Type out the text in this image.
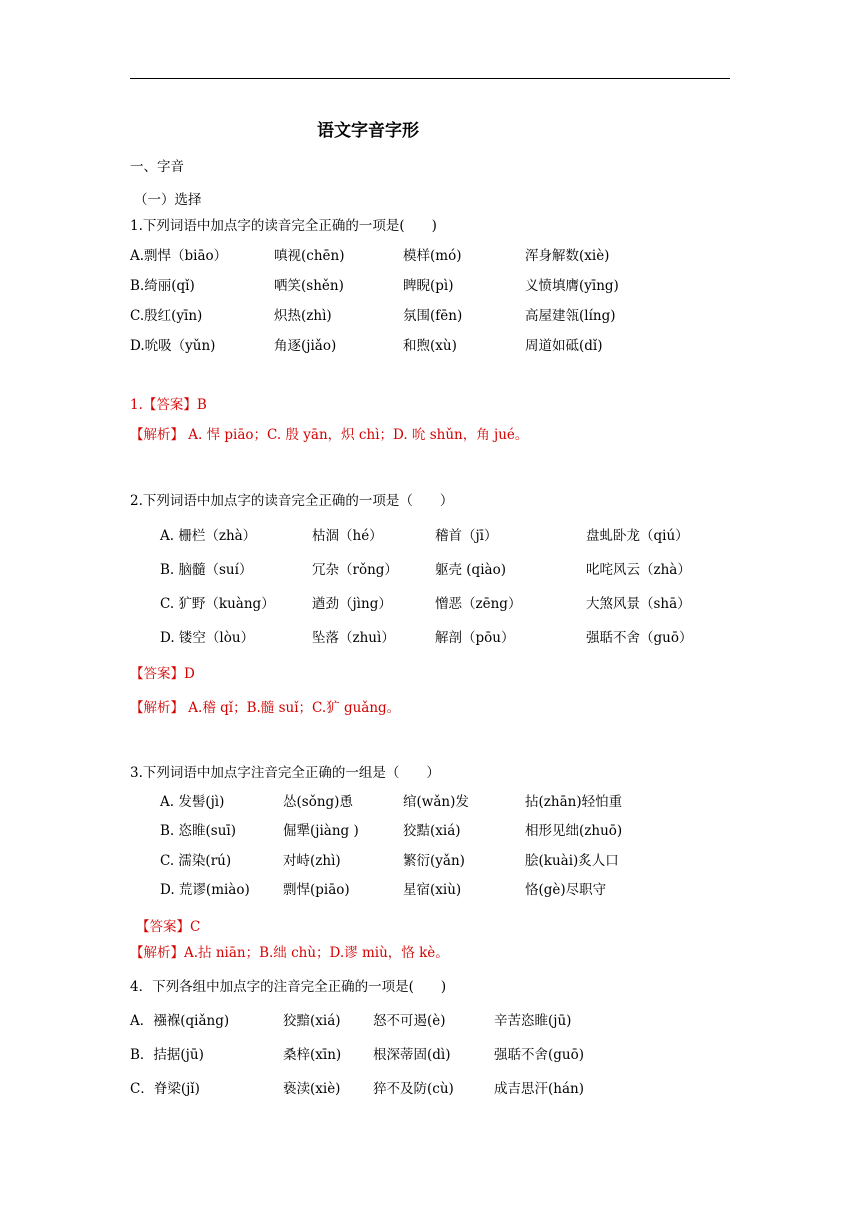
语文字音字形
一、字音
（一）选择
1.下列词语中加点字的读音完全正确的一项是(　　)
A.剽悍（biāo）	嗔视(chēn)	模样(mó)	浑身解数(xiè)
B.绮丽(qǐ)	哂笑(shěn)	睥睨(pì)	义愤填膺(yīng)
C.殷红(yīn)	炽热(zhì)	氛围(fēn)	高屋建瓴(líng)
D.吮吸（yǔn)	角逐(jiǎo)	和煦(xù)	周道如砥(dǐ)
1.【答案】B
【解析】 A. 悍 piāo；C. 殷 yān，炽 chì；D. 吮 shǔn，角 jué。
2.下列词语中加点字的读音完全正确的一项是（　　）
A. 栅栏（zhà）	枯涸（hé）	稽首（jī）	盘虬卧龙（qiú）
B. 脑髓（suí）	冗杂（rǒng）	躯壳 (qiào)	叱咤风云（zhà）
C. 犷野（kuàng）	遒劲（jìng）	憎恶（zēng）	大煞风景（shā）
D. 镂空（lòu）	坠落（zhuì）	解剖（pōu）	强聒不舍（guō）
【答案】D
【解析】 A.稽 qǐ；B.髓 suǐ；C.犷 guǎng。
3.下列词语中加点字注音完全正确的一组是（　　）
A. 发髻(jì)	怂(sǒng)恿	绾(wǎn)发	拈(zhān)轻怕重
B. 恣睢(suī)	倔犟(jiàng )	狡黠(xiá)	相形见绌(zhuō)
C. 濡染(rú)	对峙(zhì)	繁衍(yǎn)	脍(kuài)炙人口
D. 荒谬(miào) 剽悍(piāo)	星宿(xiù)	恪(gè)尽职守
【答案】C
【解析】A.拈 niān；B.绌 chù；D.谬 miù，恪 kè。
4．下列各组中加点字的注音完全正确的一项是(　　)
A．襁褓(qiǎng)	狡黯(xiá) 怒不可遏(è)	辛苦恣睢(jū)
B．拮据(jū)	桑梓(xīn) 根深蒂固(dì)	强聒不舍(guō)
C．脊梁(jǐ)	亵渎(xiè) 猝不及防(cù)	成吉思汗(hán)
